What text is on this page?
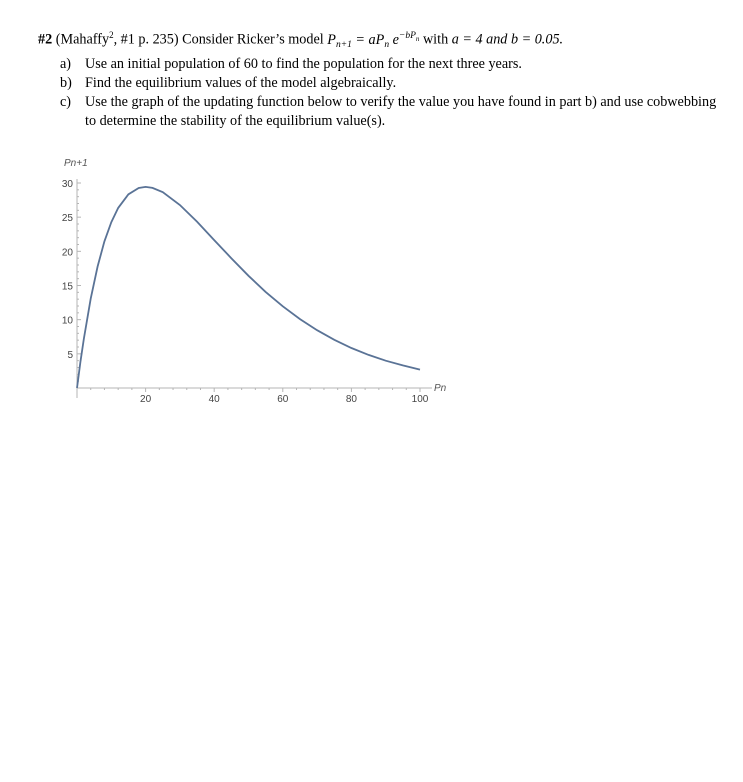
#2 (Mahaffy$^2$, #1 p. 235) Consider Ricker’s model $P_{n+1} = aP_n$ $e^{-bP_n}$ with a = 4 and b = 0.05.
a) Use an initial population of 60 to find the population for the next three years.
b) Find the equilibrium values of the model algebraically.
c) Use the graph of the updating function below to verify the value you have found in part b) and use cobwebbing to determine the stability of the equilibrium value(s).
20	40	60	80	100
5
10
15
20
25
30
Pn
Pn+1
